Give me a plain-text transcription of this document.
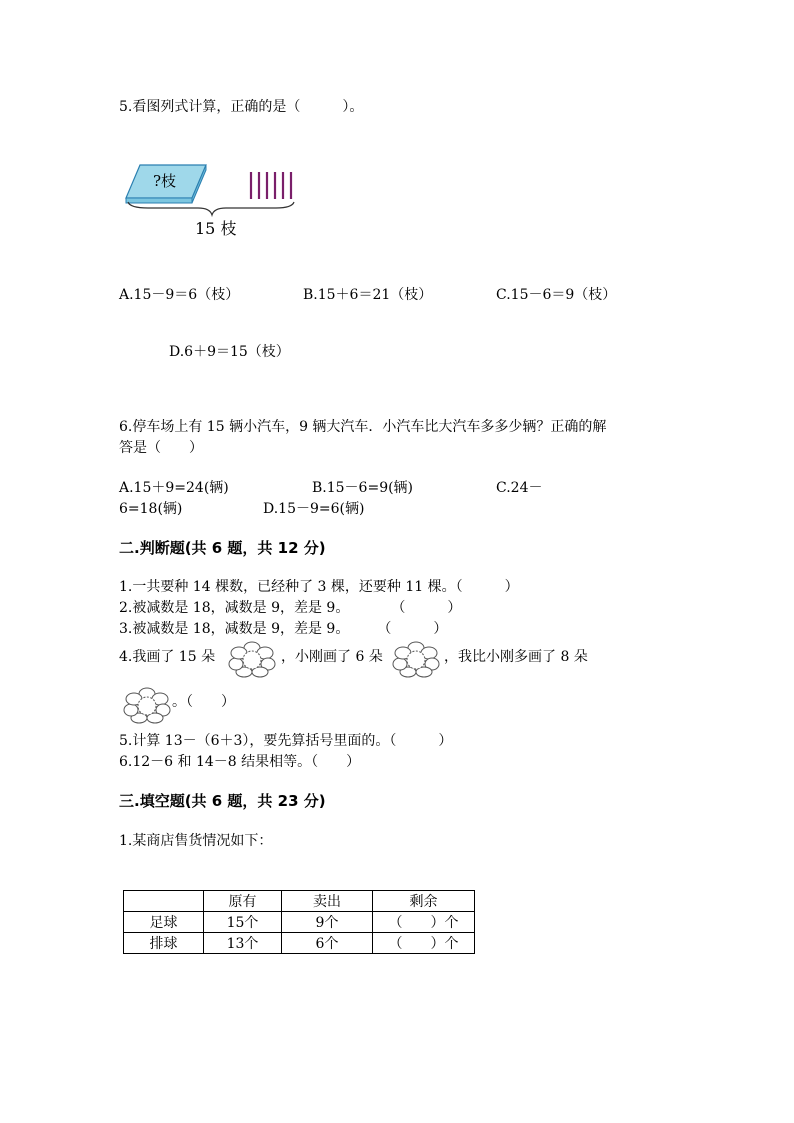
5.看图列式计算，正确的是（　　　）。
?枝
15 枝
A.15－9＝6（枝）	B.15＋6＝21（枝）	C.15－6＝9（枝）
D.6＋9＝15（枝）
6.停车场上有 15 辆小汽车，9 辆大汽车．小汽车比大汽车多多少辆？正确的解
答是（　　）
A.15＋9=24(辆)	B.15－6=9(辆)	C.24－
6=18(辆)	D.15－9=6(辆)
二.判断题(共 6 题，共 12 分)
1.一共要种 14 棵数，已经种了 3 棵，还要种 11 棵。（　　　）
2.被减数是 18，减数是 9，差是 9。　　　　（　　　）
3.被减数是 18，减数是 9，差是 9。　　　（　　　）
4.我画了 15 朵	，小刚画了 6 朵	，我比小刚多画了 8 朵
。（　　）
5.计算 13－（6＋3），要先算括号里面的。（　　　）
6.12－6 和 14－8 结果相等。（　　）
三.填空题(共 6 题，共 23 分)
1.某商店售货情况如下：
	原有	卖出	剩余
足球	15个	9个	（　　）个
排球	13个	6个	（　　）个
